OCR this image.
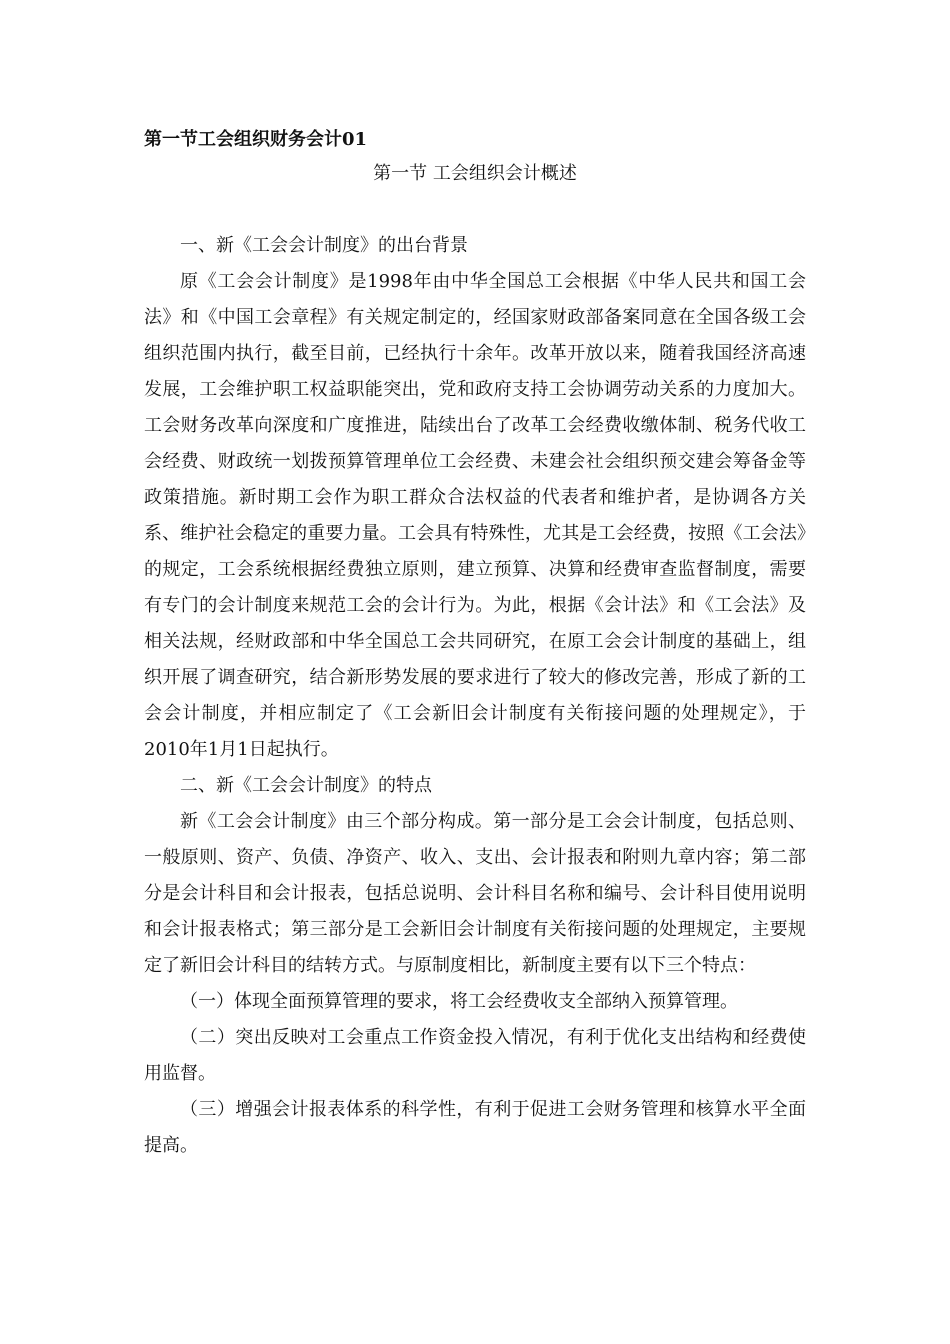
第一节工会组织财务会计01
第一节 工会组织会计概述

一、新《工会会计制度》的出台背景

原《工会会计制度》是1998年由中华全国总工会根据《中华人民共和国工会法》和《中国工会章程》有关规定制定的，经国家财政部备案同意在全国各级工会组织范围内执行，截至目前，已经执行十余年。改革开放以来，随着我国经济高速发展，工会维护职工权益职能突出，党和政府支持工会协调劳动关系的力度加大。工会财务改革向深度和广度推进，陆续出台了改革工会经费收缴体制、税务代收工会经费、财政统一划拨预算管理单位工会经费、未建会社会组织预交建会筹备金等政策措施。新时期工会作为职工群众合法权益的代表者和维护者，是协调各方关系、维护社会稳定的重要力量。工会具有特殊性，尤其是工会经费，按照《工会法》的规定，工会系统根据经费独立原则，建立预算、决算和经费审查监督制度，需要有专门的会计制度来规范工会的会计行为。为此，根据《会计法》和《工会法》及相关法规，经财政部和中华全国总工会共同研究，在原工会会计制度的基础上，组织开展了调查研究，结合新形势发展的要求进行了较大的修改完善，形成了新的工会会计制度，并相应制定了《工会新旧会计制度有关衔接问题的处理规定》，于2010年1月1日起执行。

二、新《工会会计制度》的特点

新《工会会计制度》由三个部分构成。第一部分是工会会计制度，包括总则、一般原则、资产、负债、净资产、收入、支出、会计报表和附则九章内容；第二部分是会计科目和会计报表，包括总说明、会计科目名称和编号、会计科目使用说明和会计报表格式；第三部分是工会新旧会计制度有关衔接问题的处理规定，主要规定了新旧会计科目的结转方式。与原制度相比，新制度主要有以下三个特点：

（一）体现全面预算管理的要求，将工会经费收支全部纳入预算管理。

（二）突出反映对工会重点工作资金投入情况，有利于优化支出结构和经费使用监督。

（三）增强会计报表体系的科学性，有利于促进工会财务管理和核算水平全面提高。
